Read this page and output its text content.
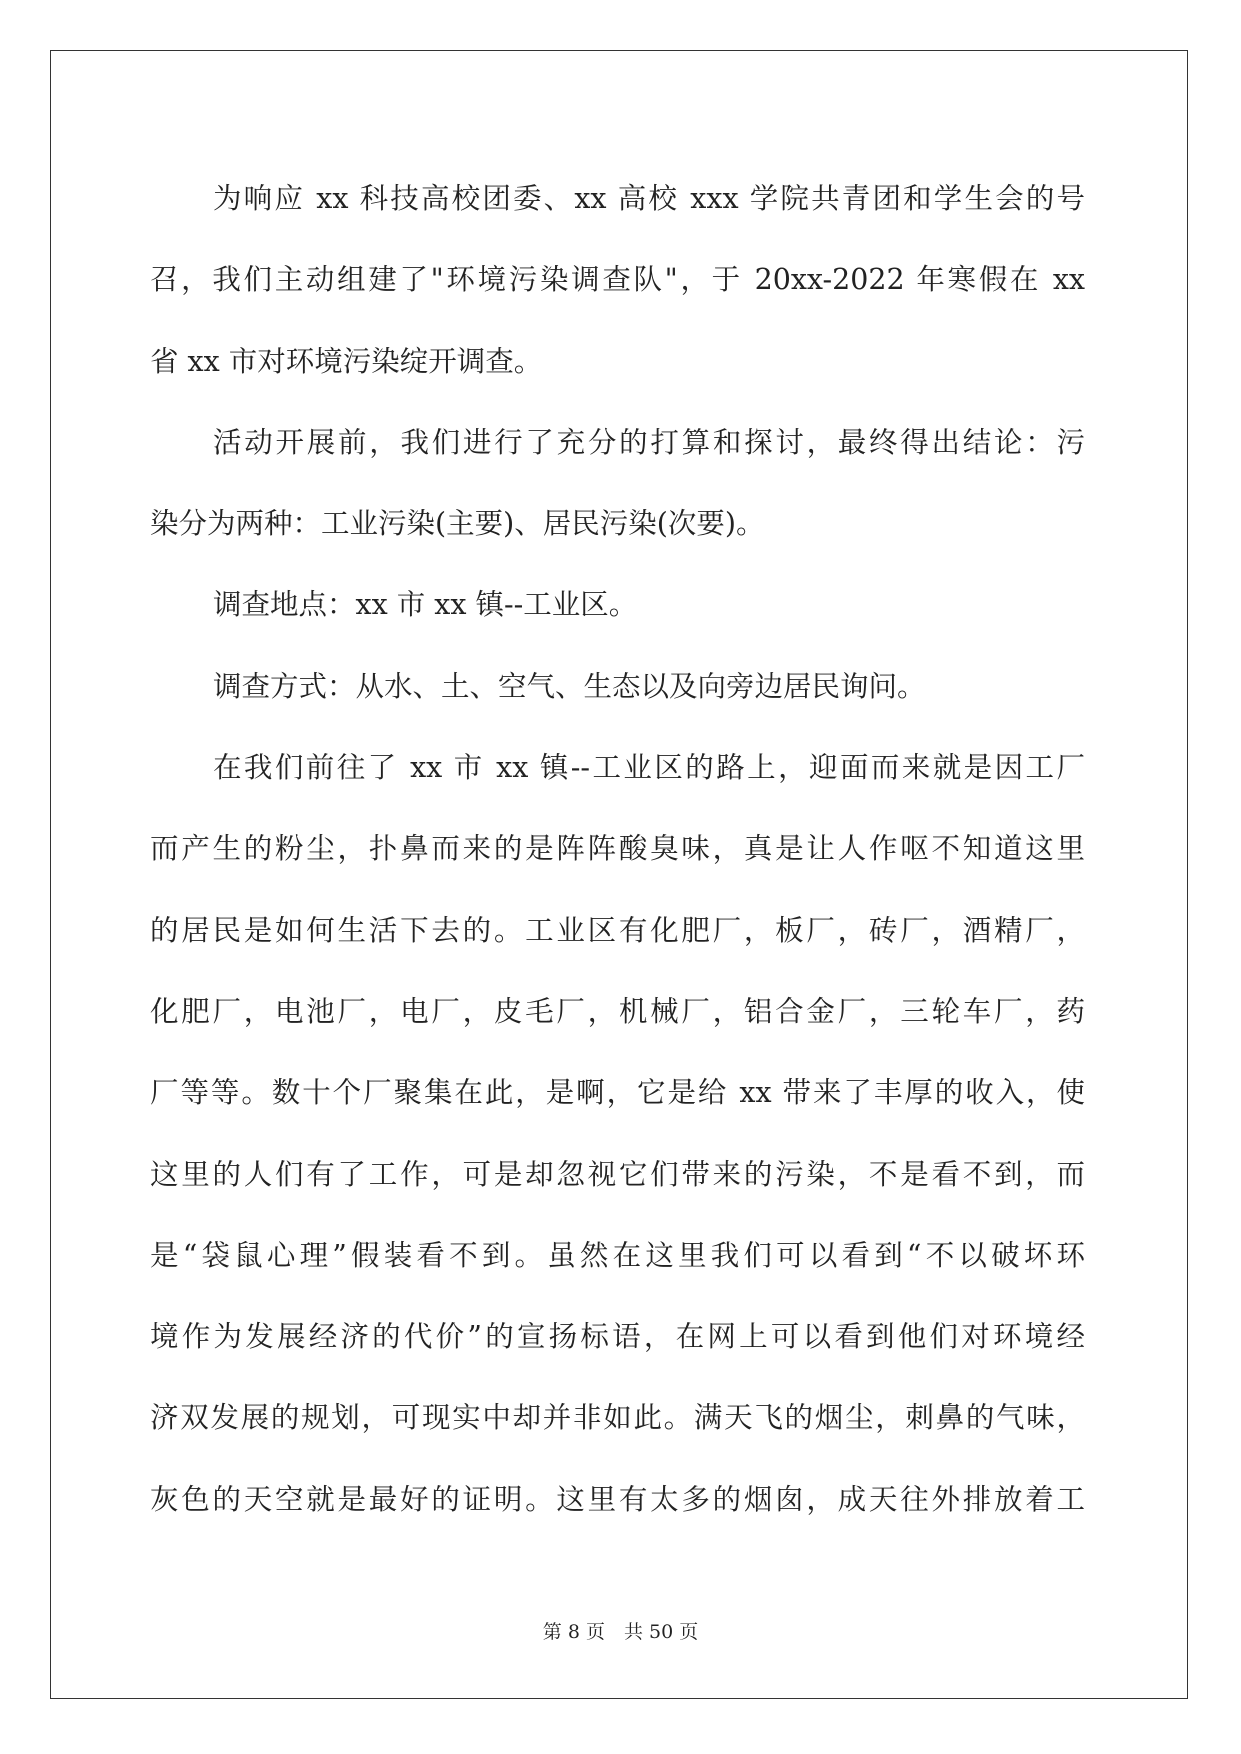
为响应 xx 科技高校团委、xx 高校 xxx 学院共青团和学生会的号
召，我们主动组建了"环境污染调查队"，于 20xx-2022 年寒假在 xx
省 xx 市对环境污染绽开调查。
活动开展前，我们进行了充分的打算和探讨，最终得出结论：污
染分为两种：工业污染(主要)、居民污染(次要)。
调查地点：xx 市 xx 镇--工业区。
调查方式：从水、土、空气、生态以及向旁边居民询问。
在我们前往了 xx 市 xx 镇--工业区的路上，迎面而来就是因工厂
而产生的粉尘，扑鼻而来的是阵阵酸臭味，真是让人作呕不知道这里
的居民是如何生活下去的。工业区有化肥厂，板厂，砖厂，酒精厂，
化肥厂，电池厂，电厂，皮毛厂，机械厂，铝合金厂，三轮车厂，药
厂等等。数十个厂聚集在此，是啊，它是给 xx 带来了丰厚的收入，使
这里的人们有了工作，可是却忽视它们带来的污染，不是看不到，而
是“袋鼠心理”假装看不到。虽然在这里我们可以看到“不以破坏环
境作为发展经济的代价”的宣扬标语，在网上可以看到他们对环境经
济双发展的规划，可现实中却并非如此。满天飞的烟尘，刺鼻的气味，
灰色的天空就是最好的证明。这里有太多的烟囱，成天往外排放着工
第 8 页　共 50 页
